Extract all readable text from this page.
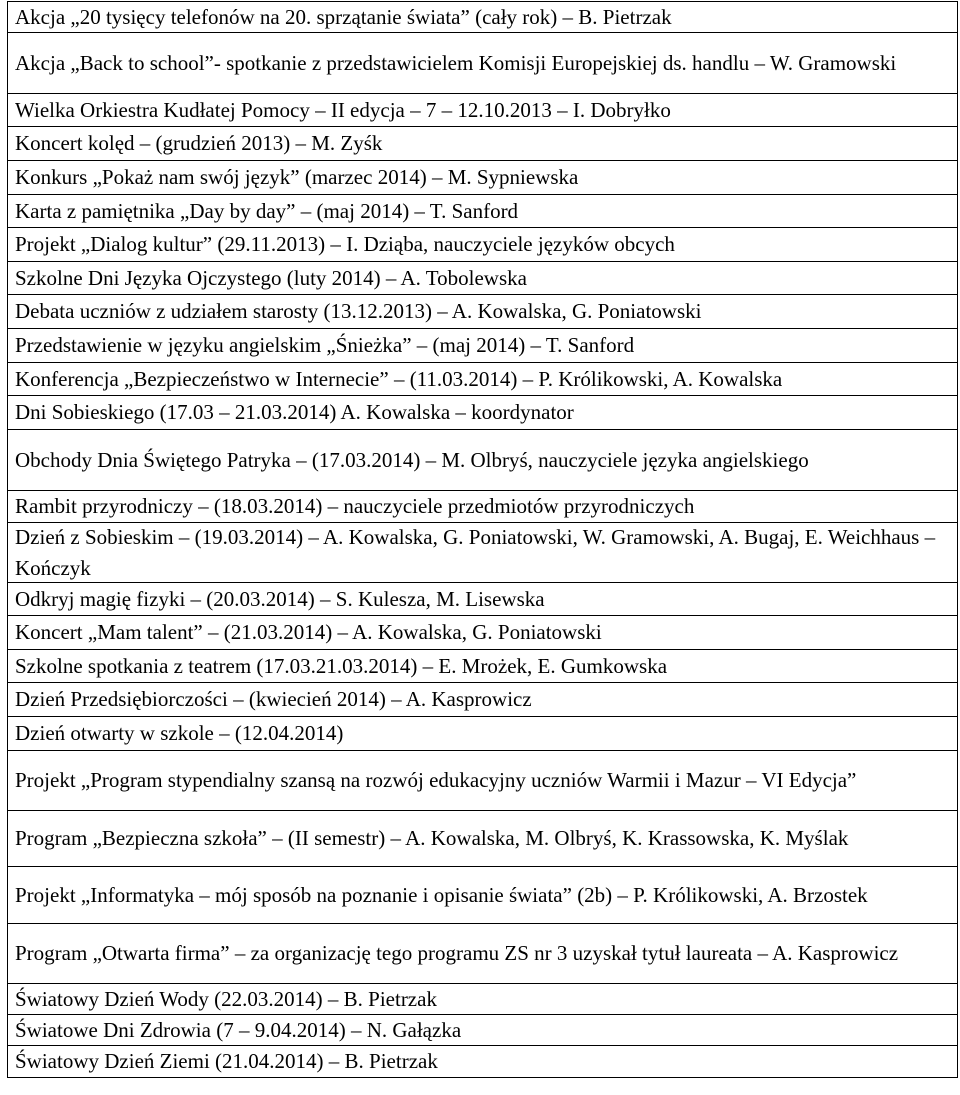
Akcja „20 tysięcy telefonów na 20. sprzątanie świata” (cały rok) – B. Pietrzak
Akcja „Back to school”- spotkanie z przedstawicielem Komisji Europejskiej ds. handlu – W. Gramowski
Wielka Orkiestra Kudłatej Pomocy – II edycja – 7 – 12.10.2013 – I. Dobryłko
Koncert kolęd – (grudzień 2013) – M. Zyśk
Konkurs „Pokaż nam swój język” (marzec 2014) – M. Sypniewska
Karta z pamiętnika „Day by day” – (maj 2014) – T. Sanford
Projekt „Dialog kultur” (29.11.2013) – I. Dziąba, nauczyciele języków obcych
Szkolne Dni Języka Ojczystego (luty 2014) – A. Tobolewska
Debata uczniów z udziałem starosty (13.12.2013) – A. Kowalska, G. Poniatowski
Przedstawienie w języku angielskim „Śnieżka” – (maj 2014) – T. Sanford
Konferencja „Bezpieczeństwo w Internecie” – (11.03.2014) – P. Królikowski, A. Kowalska
Dni Sobieskiego (17.03 – 21.03.2014) A. Kowalska – koordynator
Obchody Dnia Świętego Patryka – (17.03.2014) – M. Olbryś, nauczyciele języka angielskiego
Rambit przyrodniczy – (18.03.2014) – nauczyciele przedmiotów przyrodniczych
Dzień z Sobieskim – (19.03.2014) – A. Kowalska, G. Poniatowski, W. Gramowski, A. Bugaj, E. Weichhaus – Kończyk
Odkryj magię fizyki – (20.03.2014) – S. Kulesza, M. Lisewska
Koncert „Mam talent” – (21.03.2014) – A. Kowalska, G. Poniatowski
Szkolne spotkania z teatrem (17.03.21.03.2014) – E. Mrożek, E. Gumkowska
Dzień Przedsiębiorczości – (kwiecień 2014) – A. Kasprowicz
Dzień otwarty w szkole – (12.04.2014)
Projekt „Program stypendialny szansą na rozwój edukacyjny uczniów Warmii i Mazur – VI Edycja”
Program „Bezpieczna szkoła” – (II semestr) – A. Kowalska, M. Olbryś, K. Krassowska, K. Myślak
Projekt „Informatyka – mój sposób na poznanie i opisanie świata” (2b) – P. Królikowski, A. Brzostek
Program „Otwarta firma” – za organizację tego programu ZS nr 3 uzyskał tytuł laureata – A. Kasprowicz
Światowy Dzień Wody (22.03.2014) – B. Pietrzak
Światowe Dni Zdrowia (7 – 9.04.2014) – N. Gałązka
Światowy Dzień Ziemi (21.04.2014) – B. Pietrzak
